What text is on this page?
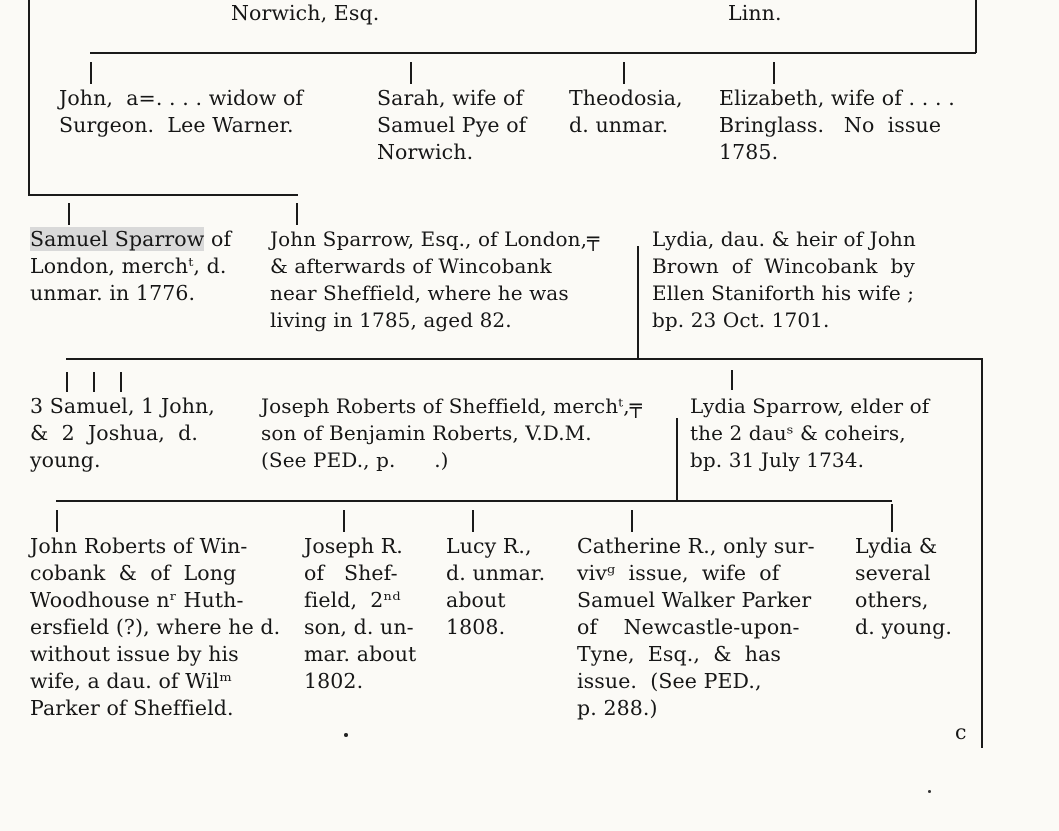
Norwich, Esq.	Linn.
John,  a=. . . . widow of
Surgeon.  Lee Warner.
Sarah, wife of
Samuel Pye of
Norwich.
Theodosia,
d. unmar.
Elizabeth, wife of . . . .
Bringlass.   No  issue
1785.
Samuel Sparrow of
London, merchᵗ, d.
unmar. in 1776.
John Sparrow, Esq., of London,╤
& afterwards of Wincobank
near Sheffield, where he was
living in 1785, aged 82.
Lydia, dau. & heir of John
Brown  of  Wincobank  by
Ellen Staniforth his wife ;
bp. 23 Oct. 1701.
3 Samuel, 1 John,
&  2  Joshua,  d.
young.
Joseph Roberts of Sheffield, merchᵗ,╤
son of Benjamin Roberts, V.D.M.
(See PED., p.      .)
Lydia Sparrow, elder of
the 2 dauˢ & coheirs,
bp. 31 July 1734.
John Roberts of Win-
cobank  &  of  Long
Woodhouse nʳ Huth-
ersfield (?), where he d.
without issue by his
wife, a dau. of Wilᵐ
Parker of Sheffield.
Joseph R.
of   Shef-
field,  2ⁿᵈ
son, d. un-
mar. about
1802.
Lucy R.,
d. unmar.
about
1808.
Catherine R., only sur-
vivᵍ  issue,  wife  of
Samuel Walker Parker
of    Newcastle-upon-
Tyne,  Esq.,  &  has
issue.  (See PED.,
p. 288.)
Lydia &
several
others,
d. young.
c
